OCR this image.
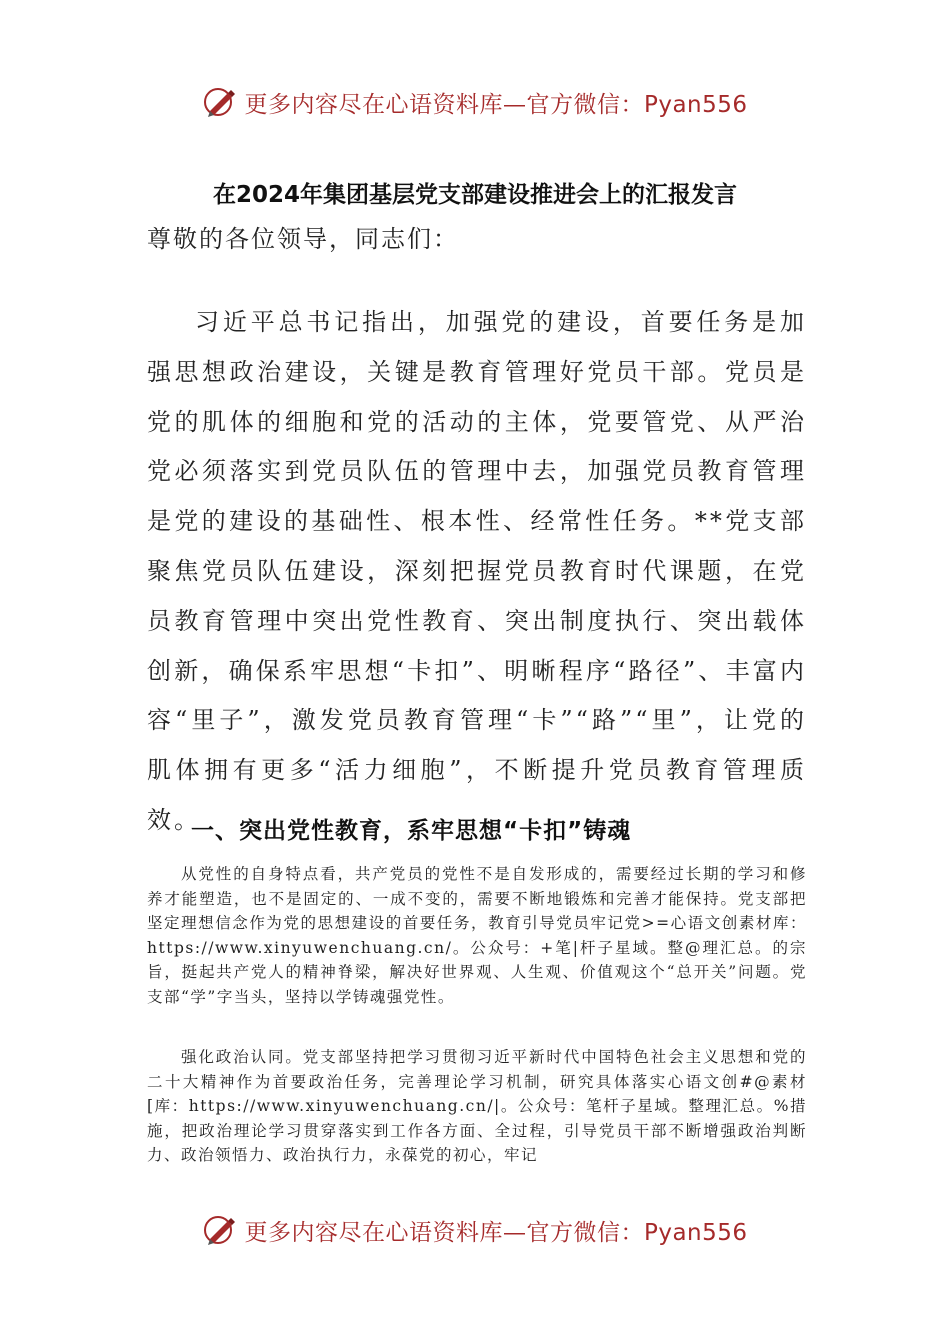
更多内容尽在心语资料库—官方微信：Pyan556
在2024年集团基层党支部建设推进会上的汇报发言
尊敬的各位领导，同志们：

习近平总书记指出，加强党的建设，首要任务是加强思想政治建设，关键是教育管理好党员干部。党员是党的肌体的细胞和党的活动的主体，党要管党、从严治党必须落实到党员队伍的管理中去，加强党员教育管理是党的建设的基础性、根本性、经常性任务。**党支部聚焦党员队伍建设，深刻把握党员教育时代课题，在党员教育管理中突出党性教育、突出制度执行、突出载体创新，确保系牢思想“卡扣”、明晰程序“路径”、丰富内容“里子”，激发党员教育管理“卡”“路”“里”，让党的肌体拥有更多“活力细胞”，不断提升党员教育管理质效。

一、突出党性教育，系牢思想“卡扣”铸魂

从党性的自身特点看，共产党员的党性不是自发形成的，需要经过长期的学习和修养才能塑造，也不是固定的、一成不变的，需要不断地锻炼和完善才能保持。党支部把坚定理想信念作为党的思想建设的首要任务，教育引导党员牢记党>=心语文创素材库：https://www.xinyuwenchuang.cn/。公众号：+笔|杆子星域。整@理汇总。的宗旨，挺起共产党人的精神脊梁，解决好世界观、人生观、价值观这个“总开关”问题。党支部“学”字当头，坚持以学铸魂强党性。

强化政治认同。党支部坚持把学习贯彻习近平新时代中国特色社会主义思想和党的二十大精神作为首要政治任务，完善理论学习机制，研究具体落实心语文创#@素材[库：https://www.xinyuwenchuang.cn/|。公众号：笔杆子星域。整理汇总。%措施，把政治理论学习贯穿落实到工作各方面、全过程，引导党员干部不断增强政治判断力、政治领悟力、政治执行力，永葆党的初心，牢记

更多内容尽在心语资料库—官方微信：Pyan556
